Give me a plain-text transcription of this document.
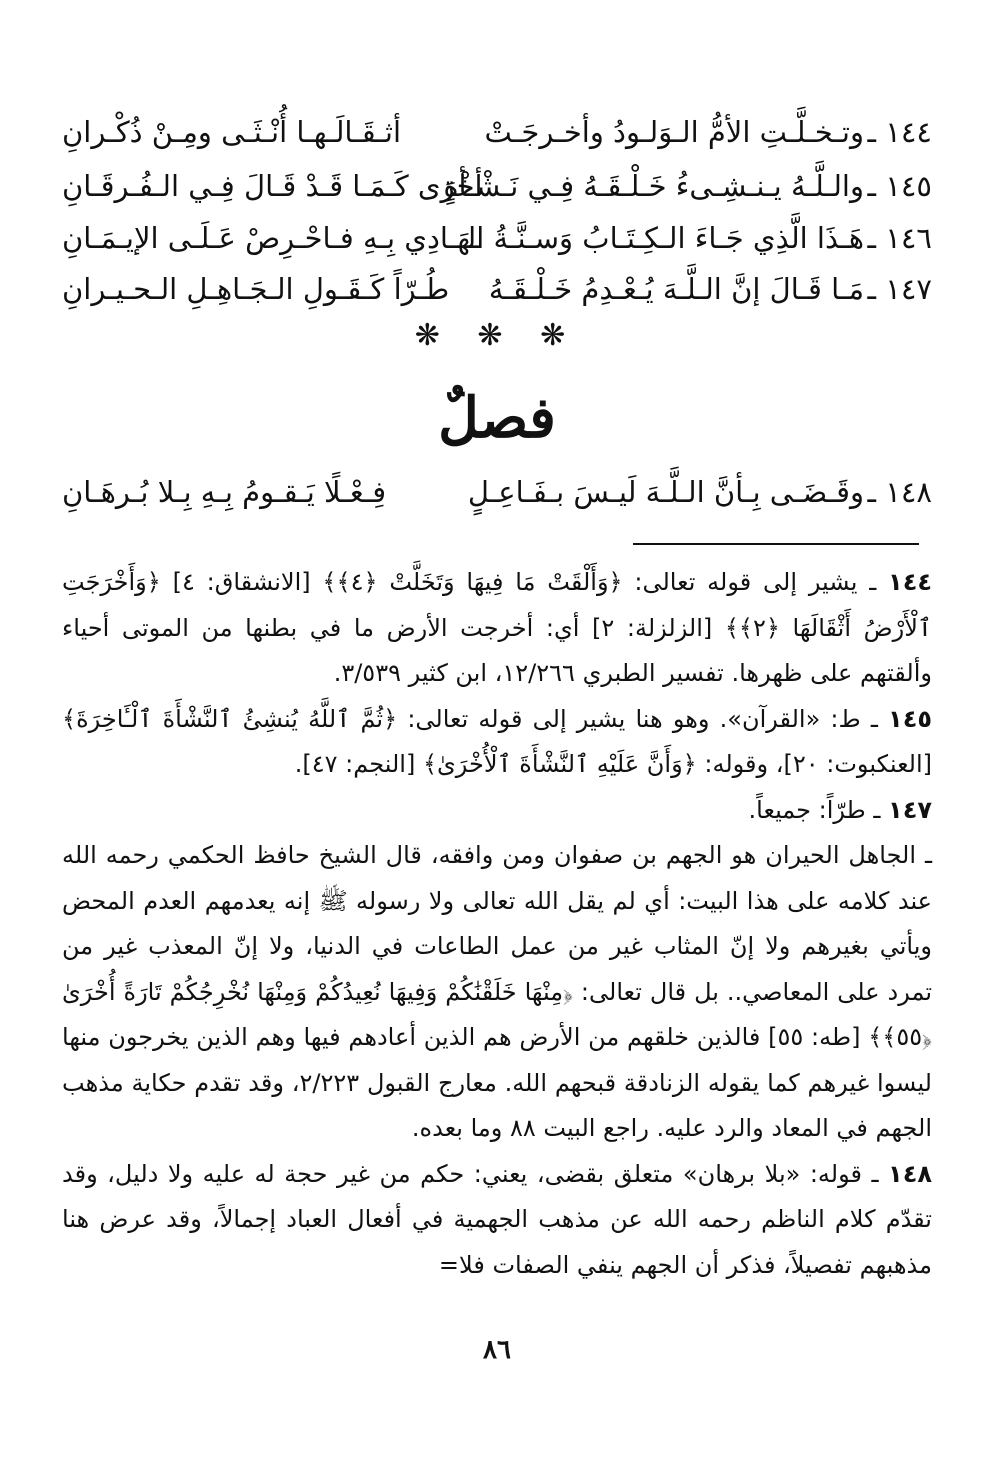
١٤٤ ـ
وتـخـلَّـتِ الأمُّ الـوَلـودُ وأخـرجَـتْ
أثـقَـالَـهـا أُنْـثَـى ومِـنْ ذُكْـرانِ
١٤٥ ـ
والـلَّـهُ يـنـشِـىءُ خَـلْـقَـهُ فِـي نَـشْـأةٍ
أخْرَى كَـمَـا قَـدْ قَـالَ فِـي الـفُـرقَـانِ
١٤٦ ـ
هَـذَا الَّذِي جَـاءَ الـكِـتَـابُ وَسـنَّـةُ الـ
ـهَـادِي بِـهِ فـاحْـرِصْ عَـلَـى الإيـمَـانِ
١٤٧ ـ
مَـا قَـالَ إنَّ الـلَّـهَ يُـعْـدِمُ خَـلْـقَـهُ
طُـرّاً كَـقَـولِ الـجَـاهِـلِ الـحـيـرانِ
❋ ❋ ❋
فصلٌ
١٤٨ ـ
وقَـضَـى بِـأنَّ الـلَّـهَ لَيـسَ بـفَـاعِـلٍ
فِـعْـلًا يَـقـومُ بِـهِ بِـلا بُـرهَـانِ

١٤٤ ـ يشير إلى قوله تعالى: ﴿وَأَلْقَتْ مَا فِيهَا وَتَخَلَّتْ ﴿٤﴾﴾ [الانشقاق: ٤] ﴿وَأَخْرَجَتِ ٱلْأَرْضُ أَثْقَالَهَا ﴿٢﴾﴾ [الزلزلة: ٢] أي: أخرجت الأرض ما في بطنها من الموتى أحياء وألقتهم على ظهرها. تفسير الطبري ١٢/٢٦٦، ابن كثير ٣/٥٣٩.

١٤٥ ـ ط: «القرآن». وهو هنا يشير إلى قوله تعالى: ﴿ثُمَّ ٱللَّهُ يُنشِئُ ٱلنَّشْأَةَ ٱلْـَٔاخِرَةَ﴾ [العنكبوت: ٢٠]، وقوله: ﴿وَأَنَّ عَلَيْهِ ٱلنَّشْأَةَ ٱلْأُخْرَىٰ﴾ [النجم: ٤٧].

١٤٧ ـ طرّاً: جميعاً.

ـ الجاهل الحيران هو الجهم بن صفوان ومن وافقه، قال الشيخ حافظ الحكمي رحمه الله عند كلامه على هذا البيت: أي لم يقل الله تعالى ولا رسوله ﷺ إنه يعدمهم العدم المحض ويأتي بغيرهم ولا إنّ المثاب غير من عمل الطاعات في الدنيا، ولا إنّ المعذب غير من تمرد على المعاصي.. بل قال تعالى: ﴿مِنْهَا خَلَقْنَٰكُمْ وَفِيهَا نُعِيدُكُمْ وَمِنْهَا نُخْرِجُكُمْ تَارَةً أُخْرَىٰ ﴿٥٥﴾﴾ [طه: ٥٥] فالذين خلقهم من الأرض هم الذين أعادهم فيها وهم الذين يخرجون منها ليسوا غيرهم كما يقوله الزنادقة قبحهم الله. معارج القبول ٢/٢٢٣، وقد تقدم حكاية مذهب الجهم في المعاد والرد عليه. راجع البيت ٨٨ وما بعده.

١٤٨ ـ قوله: «بلا برهان» متعلق بقضى، يعني: حكم من غير حجة له عليه ولا دليل، وقد تقدّم كلام الناظم رحمه الله عن مذهب الجهمية في أفعال العباد إجمالاً، وقد عرض هنا مذهبهم تفصيلاً، فذكر أن الجهم ينفي الصفات فلا=

٨٦
